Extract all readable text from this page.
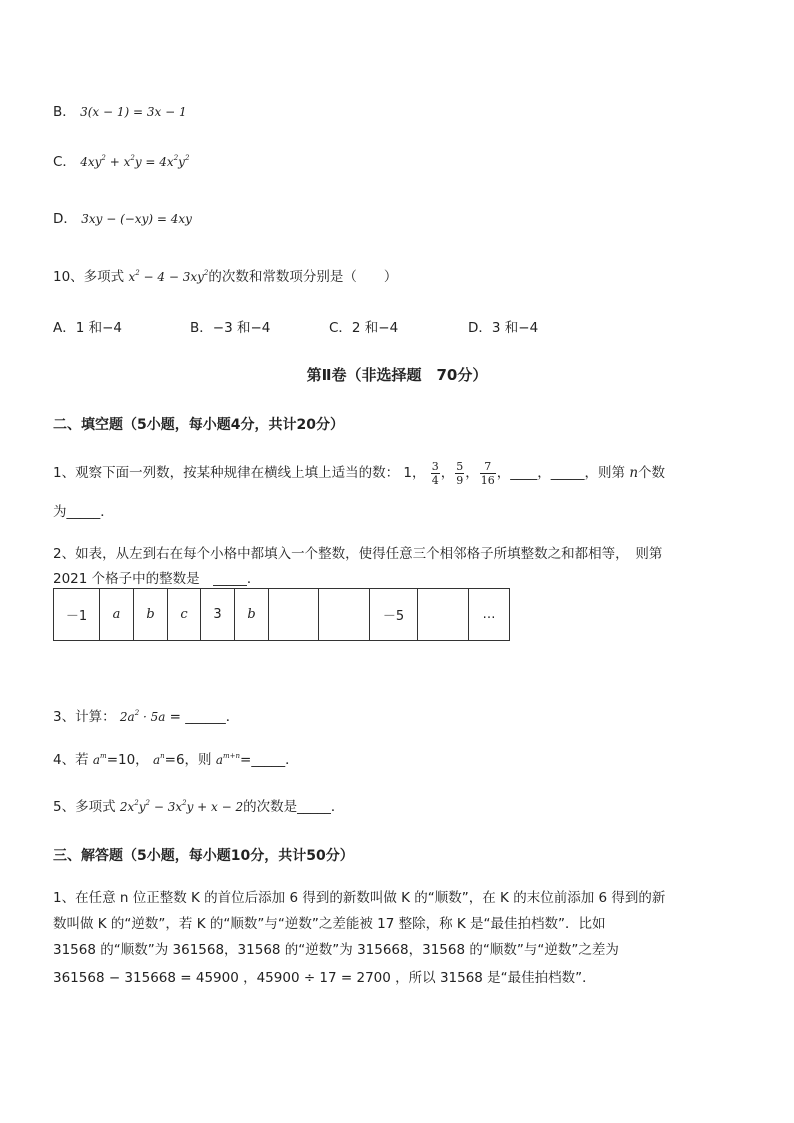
B． 3(x − 1) = 3x − 1
C． $4xy^2 + x^2y = 4x^2y^2$
D． 3xy − (−xy) = 4xy
10、多项式 $x^2 - 4 - 3xy^2$的次数和常数项分别是（　　）
A．1 和−4	B．−3 和−4	C．2 和−4	D．3 和−4
第Ⅱ卷（非选择题　70分）
二、填空题（5小题，每小题4分，共计20分）
1、观察下面一列数，按某种规律在横线上填上适当的数： 1， $\frac{3}{4}$ ， $\frac{5}{9}$ ， $\frac{7}{16}$ ，____，_____，则第 n个数
为_____．
2、如表，从左到右在每个小格中都填入一个整数，使得任意三个相邻格子所填整数之和都相等，　则第
2021 个格子中的整数是　_____．
－1	a	b	c	3	b			－5		…
3、计算： $2a^2 \cdot 5a$ = ______．
4、若 $a^m=10$， $a^n=6$，则 $a^{m+n}=\_\_\_\_\_$．
5、多项式 $2x^2y^2 - 3x^2y + x - 2$的次数是_____．
三、解答题（5小题，每小题10分，共计50分）
1、在任意 n 位正整数 K 的首位后添加 6 得到的新数叫做 K 的“顺数”，在 K 的末位前添加 6 得到的新
数叫做 K 的“逆数”，若 K 的“顺数”与“逆数”之差能被 17 整除，称 K 是“最佳拍档数”．比如
31568 的“顺数”为 361568，31568 的“逆数”为 315668，31568 的“顺数”与“逆数”之差为
361568 − 315668 = 45900 ，45900 ÷ 17 = 2700 ，所以 31568 是“最佳拍档数”．
